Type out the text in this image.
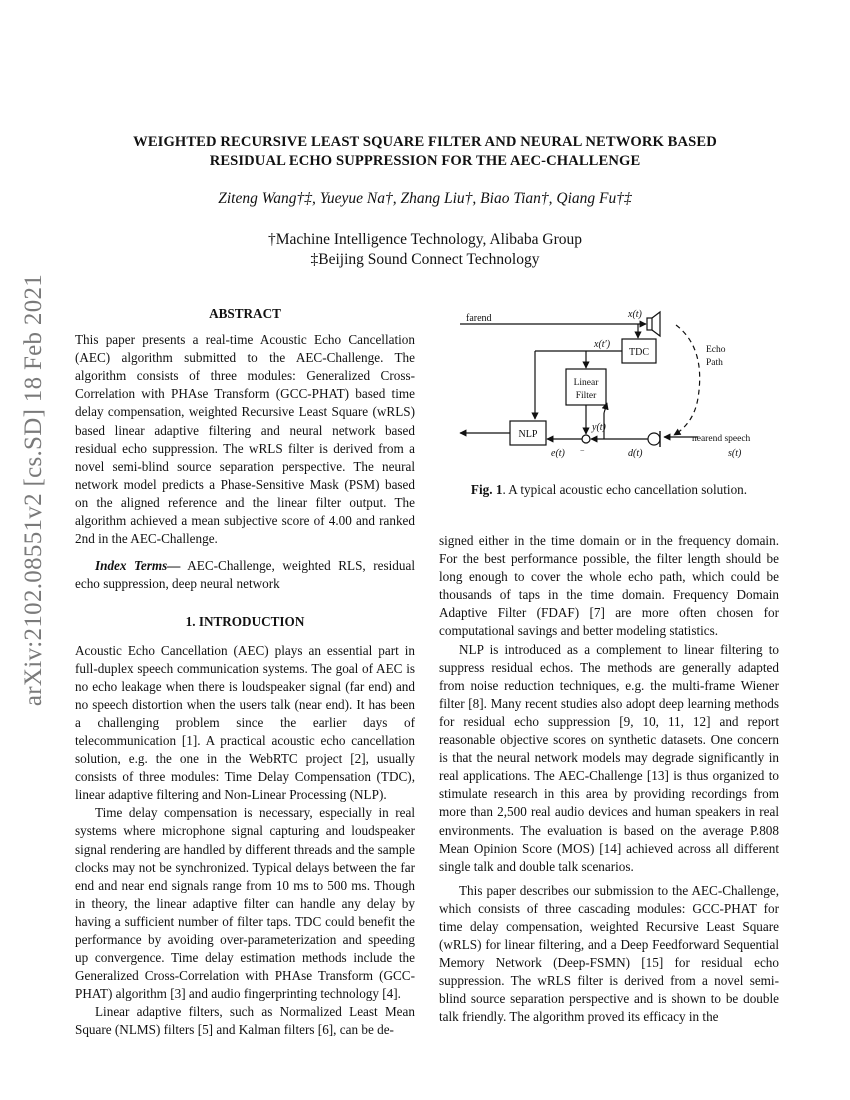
arXiv:2102.08551v2 [cs.SD] 18 Feb 2021
WEIGHTED RECURSIVE LEAST SQUARE FILTER AND NEURAL NETWORK BASED
RESIDUAL ECHO SUPPRESSION FOR THE AEC-CHALLENGE
Ziteng Wang†‡, Yueyue Na†, Zhang Liu†, Biao Tian†, Qiang Fu†‡
†Machine Intelligence Technology, Alibaba Group
‡Beijing Sound Connect Technology
ABSTRACT

This paper presents a real-time Acoustic Echo Cancellation (AEC) algorithm submitted to the AEC-Challenge. The algorithm consists of three modules: Generalized Cross-Correlation with PHAse Transform (GCC-PHAT) based time delay compensation, weighted Recursive Least Square (wRLS) based linear adaptive filtering and neural network based residual echo suppression. The wRLS filter is derived from a novel semi-blind source separation perspective. The neural network model predicts a Phase-Sensitive Mask (PSM) based on the aligned reference and the linear filter output. The algorithm achieved a mean subjective score of 4.00 and ranked 2nd in the AEC-Challenge.

Index Terms— AEC-Challenge, weighted RLS, residual echo suppression, deep neural network

1. INTRODUCTION

Acoustic Echo Cancellation (AEC) plays an essential part in full-duplex speech communication systems. The goal of AEC is no echo leakage when there is loudspeaker signal (far end) and no speech distortion when the users talk (near end). It has been a challenging problem since the earlier days of telecommunication [1]. A practical acoustic echo cancellation solution, e.g. the one in the WebRTC project [2], usually consists of three modules: Time Delay Compensation (TDC), linear adaptive filtering and Non-Linear Processing (NLP).

Time delay compensation is necessary, especially in real systems where microphone signal capturing and loudspeaker signal rendering are handled by different threads and the sample clocks may not be synchronized. Typical delays between the far end and near end signals range from 10 ms to 500 ms. Though in theory, the linear adaptive filter can handle any delay by having a sufficient number of filter taps. TDC could benefit the performance by avoiding over-parameterization and speeding up convergence. Time delay estimation methods include the Generalized Cross-Correlation with PHAse Transform (GCC-PHAT) algorithm [3] and audio fingerprinting technology [4].

Linear adaptive filters, such as Normalized Least Mean Square (NLMS) filters [5] and Kalman filters [6], can be de-

farend	x(t)
TDC
x(t′)
Linear
Filter
y(t)
−	d(t)
e(t)
NLP
Echo
Path
nearend speech
s(t)
Fig. 1. A typical acoustic echo cancellation solution.

signed either in the time domain or in the frequency domain. For the best performance possible, the filter length should be long enough to cover the whole echo path, which could be thousands of taps in the time domain. Frequency Domain Adaptive Filter (FDAF) [7] are more often chosen for computational savings and better modeling statistics.

NLP is introduced as a complement to linear filtering to suppress residual echos. The methods are generally adapted from noise reduction techniques, e.g. the multi-frame Wiener filter [8]. Many recent studies also adopt deep learning methods for residual echo suppression [9, 10, 11, 12] and report reasonable objective scores on synthetic datasets. One concern is that the neural network models may degrade significantly in real applications. The AEC-Challenge [13] is thus organized to stimulate research in this area by providing recordings from more than 2,500 real audio devices and human speakers in real environments. The evaluation is based on the average P.808 Mean Opinion Score (MOS) [14] achieved across all different single talk and double talk scenarios.

This paper describes our submission to the AEC-Challenge, which consists of three cascading modules: GCC-PHAT for time delay compensation, weighted Recursive Least Square (wRLS) for linear filtering, and a Deep Feedforward Sequential Memory Network (Deep-FSMN) [15] for residual echo suppression. The wRLS filter is derived from a novel semi-blind source separation perspective and is shown to be double talk friendly. The algorithm proved its efficacy in the
